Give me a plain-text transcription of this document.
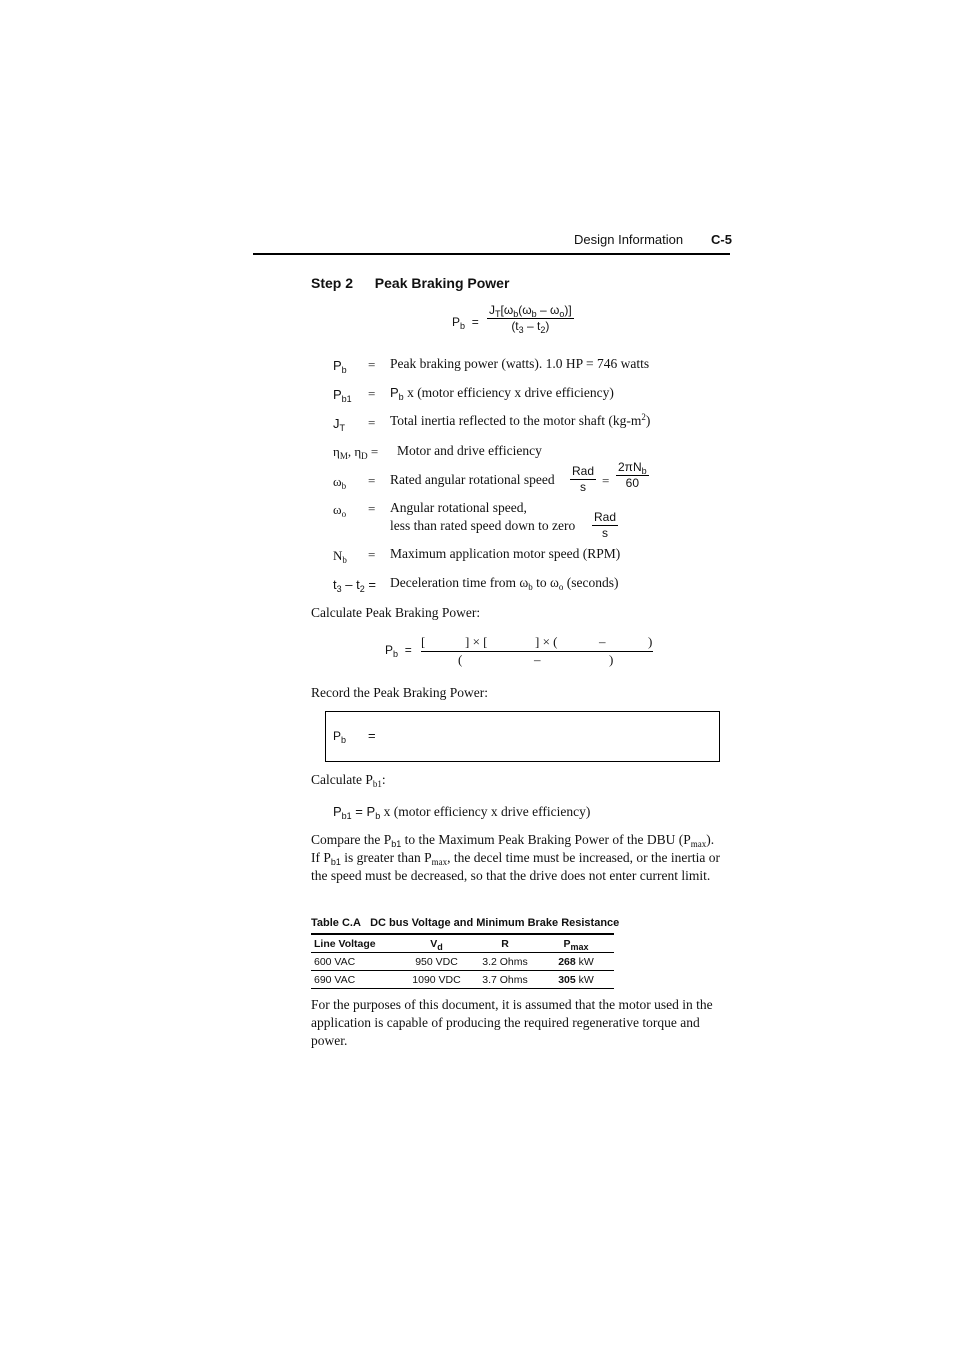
Design Information C-5
Step 2 Peak Braking Power
$P_b = \frac{J_T[\omega_b(\omega_b - \omega_o)]}{(t_3 - t_2)}$
$P_b$ = Peak braking power (watts). 1.0 HP = 746 watts
$P_{b1} = P_b$ x (motor efficiency x drive efficiency)
$J_T$ = Total inertia reflected to the motor shaft $(kg-m^2)$
$\eta_M$, $\eta_D$ = Motor and drive efficiency
$\omega_b$ = Rated angular rotational speed
Rad
s	=
$2\pi N_b$
60
$\omega_o$ = Angular rotational speed,
less than rated speed down to zero
Rad
s
$N_b$ = Maximum application motor speed (RPM)
$t_3 - t_2$ = Deceleration time from $\omega_b$ to $\omega_o$ (seconds)
Calculate Peak Braking Power:
$P_b$  =
[	] × [	] × (	–	)
(	–	)
Record the Peak Braking Power:
$P_b$ =
Calculate $P_{b1}$:
$P_{b1} = P_b$ x (motor efficiency x drive efficiency)
Compare the $P_{b1}$ to the Maximum Peak Braking Power of the DBU $(P_{max})$. If $P_{b1}$ is greater than $P_{max}$, the decel time must be increased, or the inertia or the speed must be decreased, so that the drive does not enter current limit.
Table C.A DC bus Voltage and Minimum Brake Resistance
Line Voltage	$V_d$	R	$P_{max}$
600 VAC	950 VDC	3.2 Ohms	268 kW
690 VAC	1090 VDC	3.7 Ohms	305 kW
For the purposes of this document, it is assumed that the motor used in the application is capable of producing the required regenerative torque and power.
